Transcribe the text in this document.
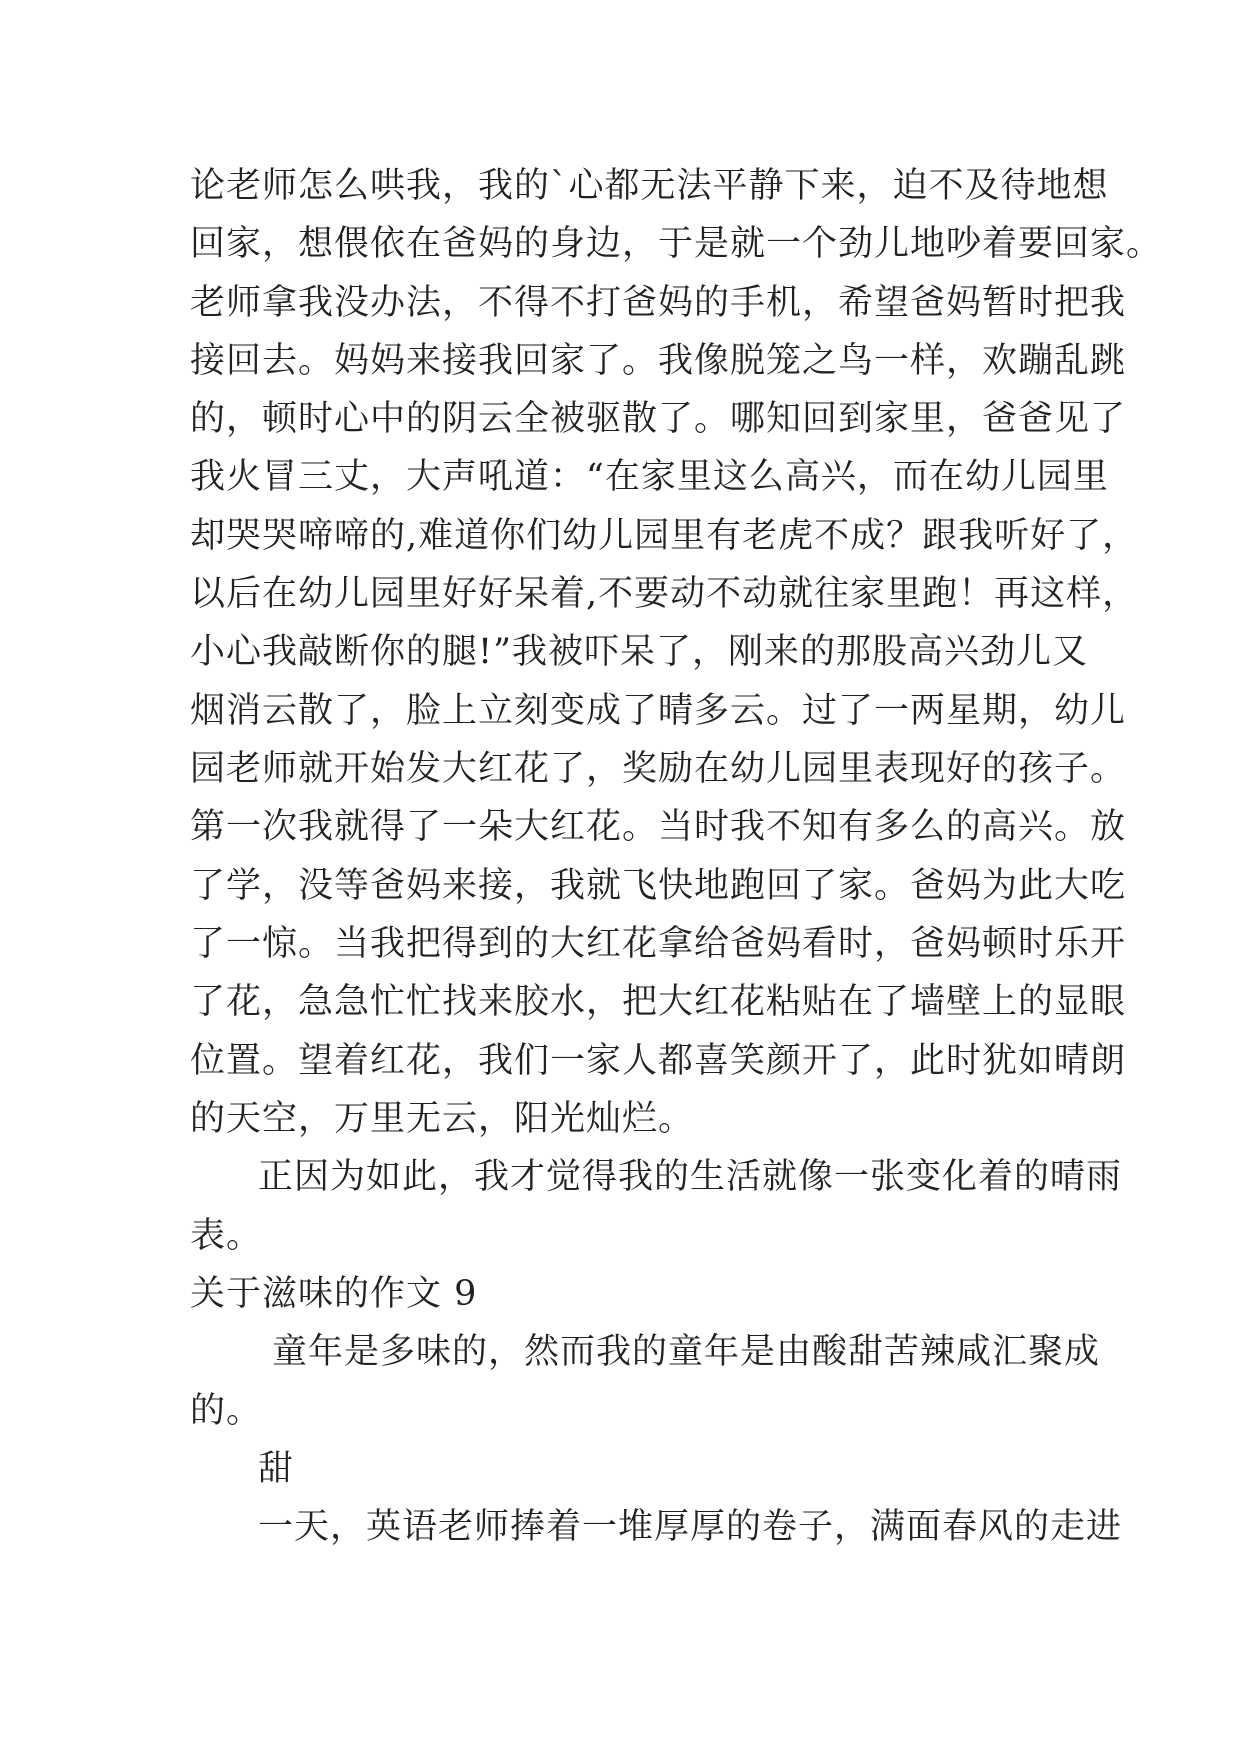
论老师怎么哄我，我的`心都无法平静下来，迫不及待地想
回家，想偎依在爸妈的身边，于是就一个劲儿地吵着要回家。
老师拿我没办法，不得不打爸妈的手机，希望爸妈暂时把我
接回去。妈妈来接我回家了。我像脱笼之鸟一样，欢蹦乱跳
的，顿时心中的阴云全被驱散了。哪知回到家里，爸爸见了
我火冒三丈，大声吼道：“在家里这么高兴，而在幼儿园里
却哭哭啼啼的,难道你们幼儿园里有老虎不成？跟我听好了，
以后在幼儿园里好好呆着,不要动不动就往家里跑！再这样，
小心我敲断你的腿!”我被吓呆了，刚来的那股高兴劲儿又
烟消云散了，脸上立刻变成了晴多云。过了一两星期，幼儿
园老师就开始发大红花了，奖励在幼儿园里表现好的孩子。
第一次我就得了一朵大红花。当时我不知有多么的高兴。放
了学，没等爸妈来接，我就飞快地跑回了家。爸妈为此大吃
了一惊。当我把得到的大红花拿给爸妈看时，爸妈顿时乐开
了花，急急忙忙找来胶水，把大红花粘贴在了墙壁上的显眼
位置。望着红花，我们一家人都喜笑颜开了，此时犹如晴朗
的天空，万里无云，阳光灿烂。
正因为如此，我才觉得我的生活就像一张变化着的晴雨
表。
关于滋味的作文 9
童年是多味的，然而我的童年是由酸甜苦辣咸汇聚成
的。
甜
一天，英语老师捧着一堆厚厚的卷子，满面春风的走进
